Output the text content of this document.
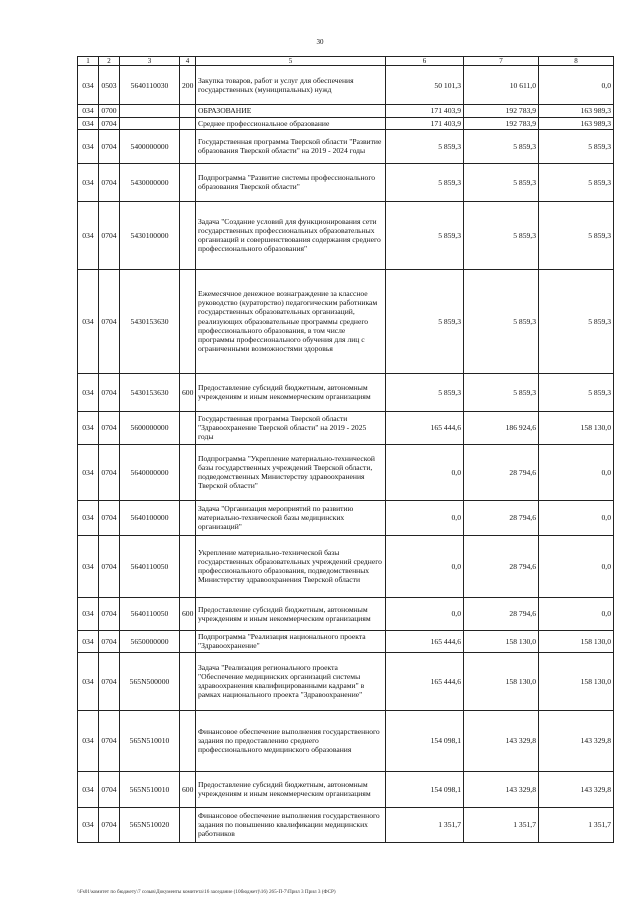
30
1	2	3	4	5	6	7	8
034	0503	5640110030	200	Закупка товаров, работ и услуг для обеспечения государственных (муниципальных) нужд	50 101,3	10 611,0	0,0
034	0700			ОБРАЗОВАНИЕ	171 403,9	192 783,9	163 989,3
034	0704			Среднее профессиональное образование	171 403,9	192 783,9	163 989,3
034	0704	5400000000		Государственная программа Тверской области "Развитие образования Тверской области" на 2019 - 2024 годы	5 859,3	5 859,3	5 859,3
034	0704	5430000000		Подпрограмма "Развитие системы профессионального образования Тверской области"	5 859,3	5 859,3	5 859,3
034	0704	5430100000		Задача "Создание условий для функционирования сети государственных профессиональных образовательных организаций и совершенствования содержания среднего профессионального образования"	5 859,3	5 859,3	5 859,3
034	0704	5430153630		Ежемесячное денежное вознаграждение за классное руководство (кураторство) педагогическим работникам государственных образовательных организаций, реализующих образовательные программы среднего профессионального образования, в том числе программы профессионального обучения для лиц с ограниченными возможностями здоровья	5 859,3	5 859,3	5 859,3
034	0704	5430153630	600	Предоставление субсидий бюджетным, автономным учреждениям и иным некоммерческим организациям	5 859,3	5 859,3	5 859,3
034	0704	5600000000		Государственная программа Тверской области "Здравоохранение Тверской области" на 2019 - 2025 годы	165 444,6	186 924,6	158 130,0
034	0704	5640000000		Подпрограмма "Укрепление материально-технической базы государственных учреждений Тверской области, подведомственных Министерству здравоохранения Тверской области"	0,0	28 794,6	0,0
034	0704	5640100000		Задача "Организация мероприятий по развитию материально-технической базы медицинских организаций"	0,0	28 794,6	0,0
034	0704	5640110050		Укрепление материально-технической базы государственных образовательных учреждений среднего профессионального образования, подведомственных Министерству здравоохранения Тверской области	0,0	28 794,6	0,0
034	0704	5640110050	600	Предоставление субсидий бюджетным, автономным учреждениям и иным некоммерческим организациям	0,0	28 794,6	0,0
034	0704	5650000000		Подпрограмма "Реализация национального проекта "Здравоохранение"	165 444,6	158 130,0	158 130,0
034	0704	565N500000		Задача "Реализация регионального проекта "Обеспечение медицинских организаций системы здравоохранения квалифицированными кадрами" в рамках национального проекта "Здравоохранение"	165 444,6	158 130,0	158 130,0
034	0704	565N510010		Финансовое обеспечение выполнения государственного задания по предоставлению среднего профессионального медицинского образования	154 098,1	143 329,8	143 329,8
034	0704	565N510010	600	Предоставление субсидий бюджетным, автономным учреждениям и иным некоммерческим организациям	154 098,1	143 329,8	143 329,8
034	0704	565N510020		Финансовое обеспечение выполнения государственного задания по повышению квалификации медицинских работников	1 351,7	1 351,7	1 351,7
\\Fs01\комитет по бюджету\7 созыв\Документы комитета\16 заседание (10бюджет)\16) 265-П-7\Прил 3 Прил 3 (ФСР)
